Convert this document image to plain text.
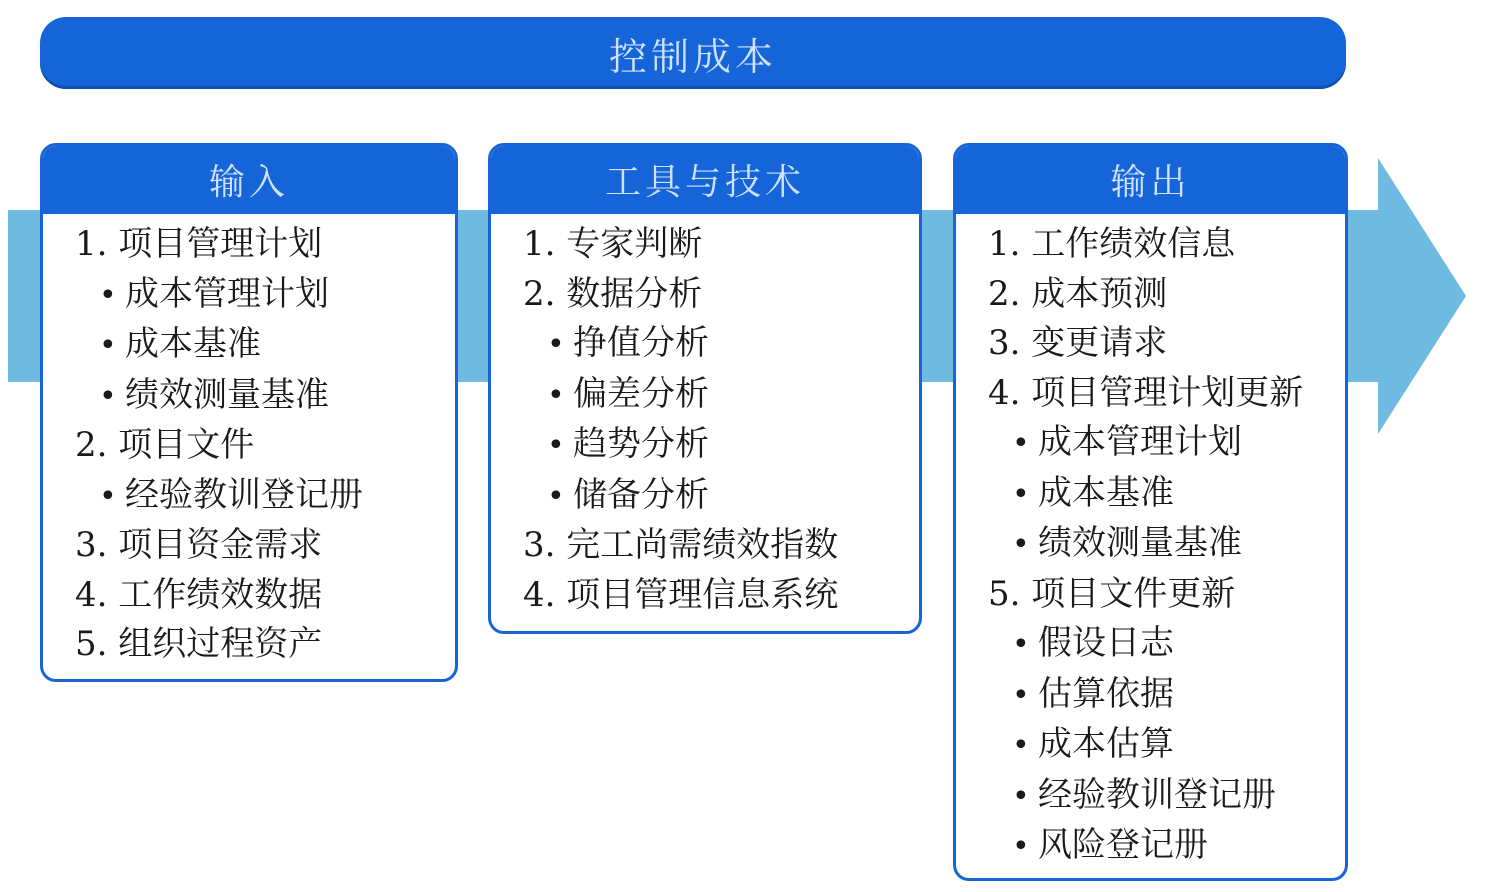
控制成本
输入
1. 项目管理计划
• 成本管理计划
• 成本基准
• 绩效测量基准
2. 项目文件
• 经验教训登记册
3. 项目资金需求
4. 工作绩效数据
5. 组织过程资产
工具与技术
1. 专家判断
2. 数据分析
• 挣值分析
• 偏差分析
• 趋势分析
• 储备分析
3. 完工尚需绩效指数
4. 项目管理信息系统
输出
1. 工作绩效信息
2. 成本预测
3. 变更请求
4. 项目管理计划更新
• 成本管理计划
• 成本基准
• 绩效测量基准
5. 项目文件更新
• 假设日志
• 估算依据
• 成本估算
• 经验教训登记册
• 风险登记册
